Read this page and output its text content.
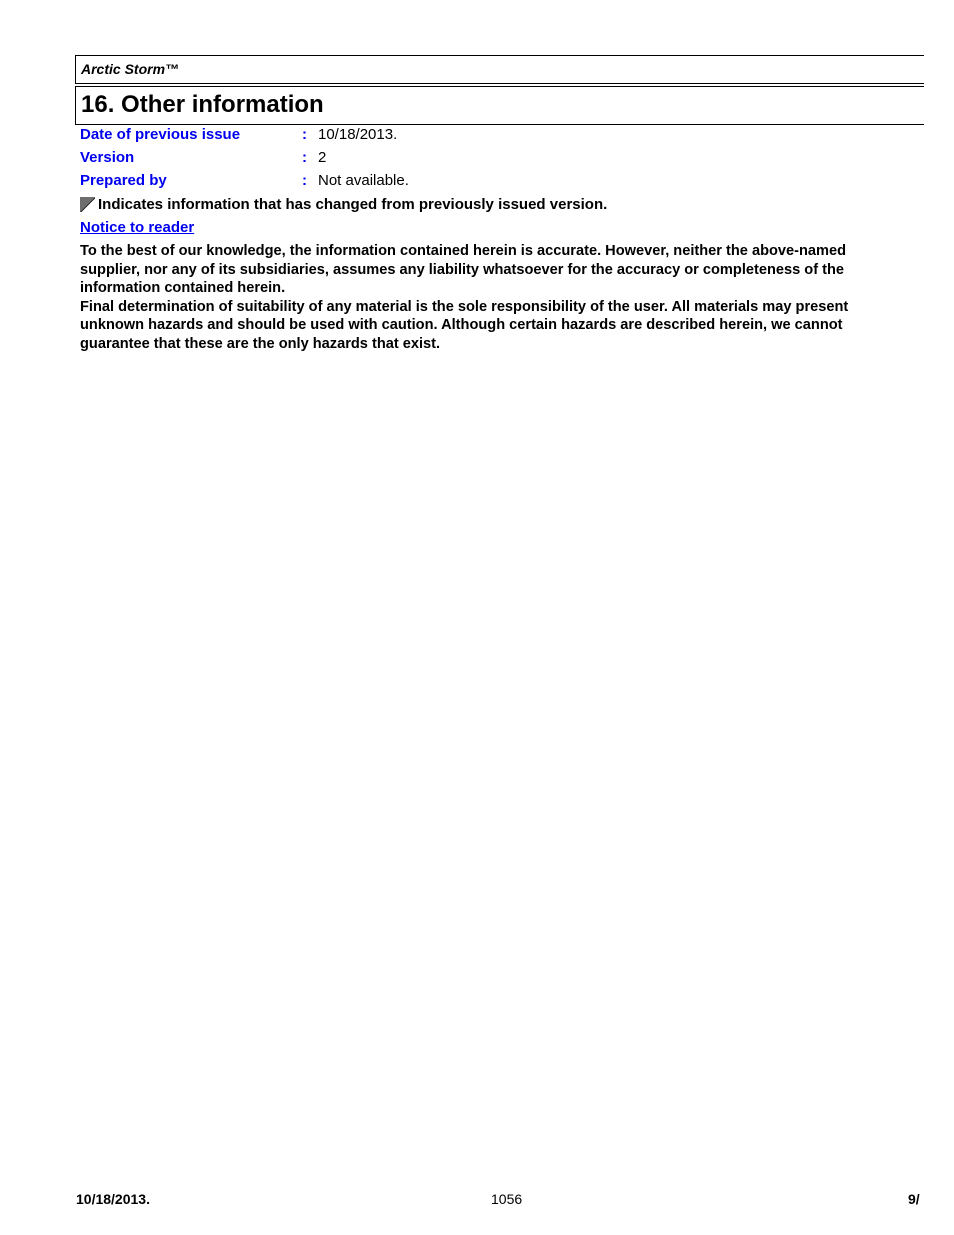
Arctic Storm™
16. Other information
Date of previous issue	: 10/18/2013.
Version	: 2
Prepared by	: Not available.
Indicates information that has changed from previously issued version.
Notice to reader

To the best of our knowledge, the information contained herein is accurate. However, neither the above-named supplier, nor any of its subsidiaries, assumes any liability whatsoever for the accuracy or completeness of the information contained herein.

Final determination of suitability of any material is the sole responsibility of the user. All materials may present unknown hazards and should be used with caution. Although certain hazards are described herein, we cannot guarantee that these are the only hazards that exist.

10/18/2013.	1056	9/
